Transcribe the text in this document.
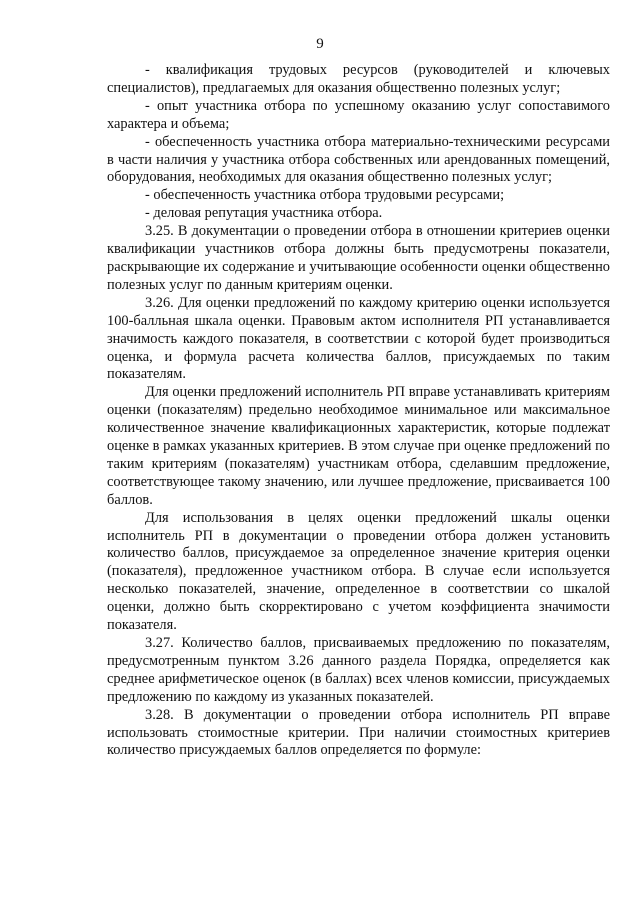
9

- квалификация трудовых ресурсов (руководителей и ключевых специалистов), предлагаемых для оказания общественно полезных услуг;

- опыт участника отбора по успешному оказанию услуг сопоставимого характера и объема;

- обеспеченность участника отбора материально-техническими ресурсами в части наличия у участника отбора собственных или арендованных помещений, оборудования, необходимых для оказания общественно полезных услуг;

- обеспеченность участника отбора трудовыми ресурсами;

- деловая репутация участника отбора.

3.25. В документации о проведении отбора в отношении критериев оценки квалификации участников отбора должны быть предусмотрены показатели, раскрывающие их содержание и учитывающие особенности оценки общественно полезных услуг по данным критериям оценки.

3.26. Для оценки предложений по каждому критерию оценки используется 100-балльная шкала оценки. Правовым актом исполнителя РП устанавливается значимость каждого показателя, в соответствии с которой будет производиться оценка, и формула расчета количества баллов, присуждаемых по таким показателям.

Для оценки предложений исполнитель РП вправе устанавливать критериям оценки (показателям) предельно необходимое минимальное или максимальное количественное значение квалификационных характеристик, которые подлежат оценке в рамках указанных критериев. В этом случае при оценке предложений по таким критериям (показателям) участникам отбора, сделавшим предложение, соответствующее такому значению, или лучшее предложение, присваивается 100 баллов.

Для использования в целях оценки предложений шкалы оценки исполнитель РП в документации о проведении отбора должен установить количество баллов, присуждаемое за определенное значение критерия оценки (показателя), предложенное участником отбора. В случае если используется несколько показателей, значение, определенное в соответствии со шкалой оценки, должно быть скорректировано с учетом коэффициента значимости показателя.

3.27. Количество баллов, присваиваемых предложению по показателям, предусмотренным пунктом 3.26 данного раздела Порядка, определяется как среднее арифметическое оценок (в баллах) всех членов комиссии, присуждаемых предложению по каждому из указанных показателей.

3.28. В документации о проведении отбора исполнитель РП вправе использовать стоимостные критерии. При наличии стоимостных критериев количество присуждаемых баллов определяется по формуле:
